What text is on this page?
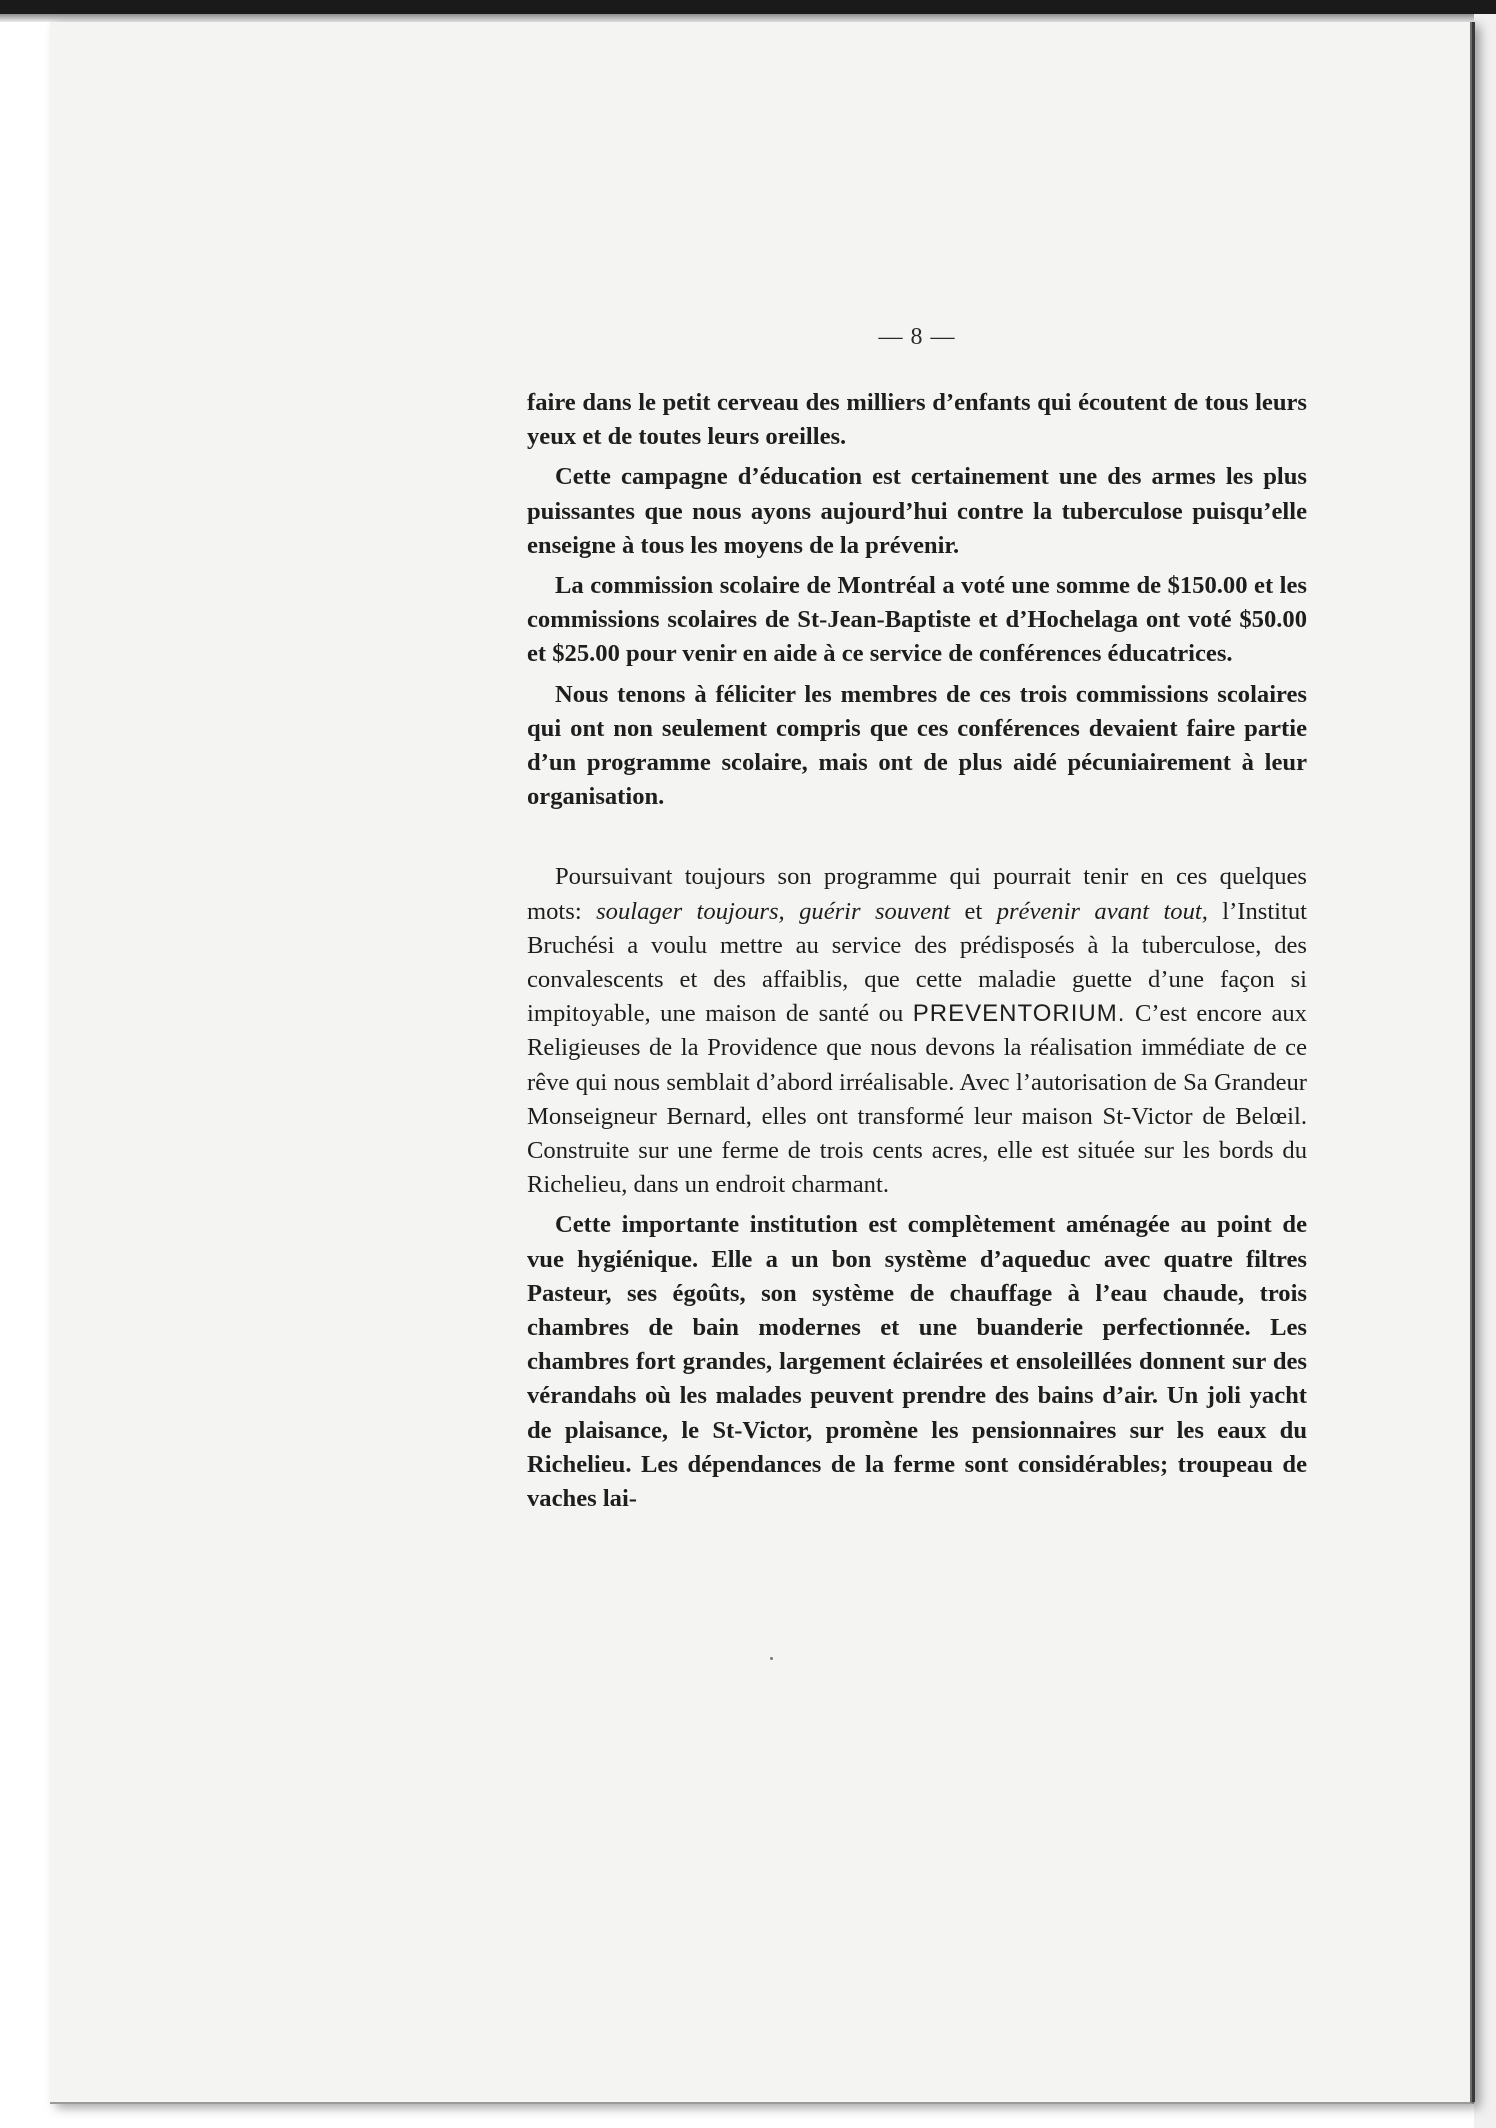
— 8 —

faire dans le petit cerveau des milliers d’enfants qui écoutent de tous leurs yeux et de toutes leurs oreilles.

Cette campagne d’éducation est certainement une des armes les plus puissantes que nous ayons aujourd’hui contre la tuberculose puisqu’elle enseigne à tous les moyens de la prévenir.

La commission scolaire de Montréal a voté une somme de $150.00 et les commissions scolaires de St-Jean-Baptiste et d’Hochelaga ont voté $50.00 et $25.00 pour venir en aide à ce service de conférences éducatrices.

Nous tenons à féliciter les membres de ces trois commissions scolaires qui ont non seulement compris que ces conférences devaient faire partie d’un programme scolaire, mais ont de plus aidé pécuniairement à leur organisation.

Poursuivant toujours son programme qui pourrait tenir en ces quelques mots: soulager toujours, guérir souvent et prévenir avant tout, l’Institut Bruchési a voulu mettre au service des prédisposés à la tuberculose, des convalescents et des affaiblis, que cette maladie guette d’une façon si impitoyable, une maison de santé ou PREVENTORIUM. C’est encore aux Religieuses de la Providence que nous devons la réalisation immédiate de ce rêve qui nous semblait d’abord irréalisable. Avec l’autorisation de Sa Grandeur Monseigneur Bernard, elles ont transformé leur maison St-Victor de Belœil. Construite sur une ferme de trois cents acres, elle est située sur les bords du Richelieu, dans un endroit charmant.

Cette importante institution est complètement aménagée au point de vue hygiénique. Elle a un bon système d’aqueduc avec quatre filtres Pasteur, ses égoûts, son système de chauffage à l’eau chaude, trois chambres de bain modernes et une buanderie perfectionnée. Les chambres fort grandes, largement éclairées et ensoleillées donnent sur des vérandahs où les malades peuvent prendre des bains d’air. Un joli yacht de plaisance, le St-Victor, promène les pensionnaires sur les eaux du Richelieu. Les dépendances de la ferme sont considérables; troupeau de vaches lai-
